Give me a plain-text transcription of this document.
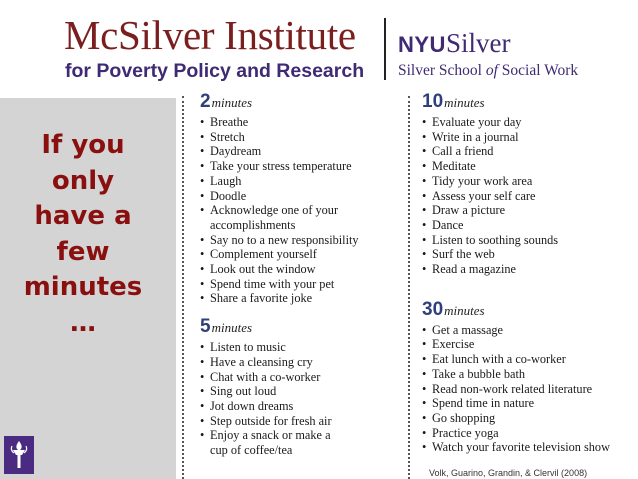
McSilver Institute
for Poverty Policy and Research
NYUSilver
Silver School of Social Work
If you
only
have a
few
minutes
…
2minutes
• Breathe
• Stretch
• Daydream
• Take your stress temperature
• Laugh
• Doodle
• Acknowledge one of your
accomplishments
• Say no to a new responsibility
• Complement yourself
• Look out the window
• Spend time with your pet
• Share a favorite joke
5minutes
• Listen to music
• Have a cleansing cry
• Chat with a co-worker
• Sing out loud
• Jot down dreams
• Step outside for fresh air
• Enjoy a snack or make a
cup of coffee/tea
10minutes
• Evaluate your day
• Write in a journal
• Call a friend
• Meditate
• Tidy your work area
• Assess your self care
• Draw a picture
• Dance
• Listen to soothing sounds
• Surf the web
• Read a magazine
30minutes
• Get a massage
• Exercise
• Eat lunch with a co-worker
• Take a bubble bath
• Read non-work related literature
• Spend time in nature
• Go shopping
• Practice yoga
• Watch your favorite television show
Volk, Guarino, Grandin, & Clervil (2008)
